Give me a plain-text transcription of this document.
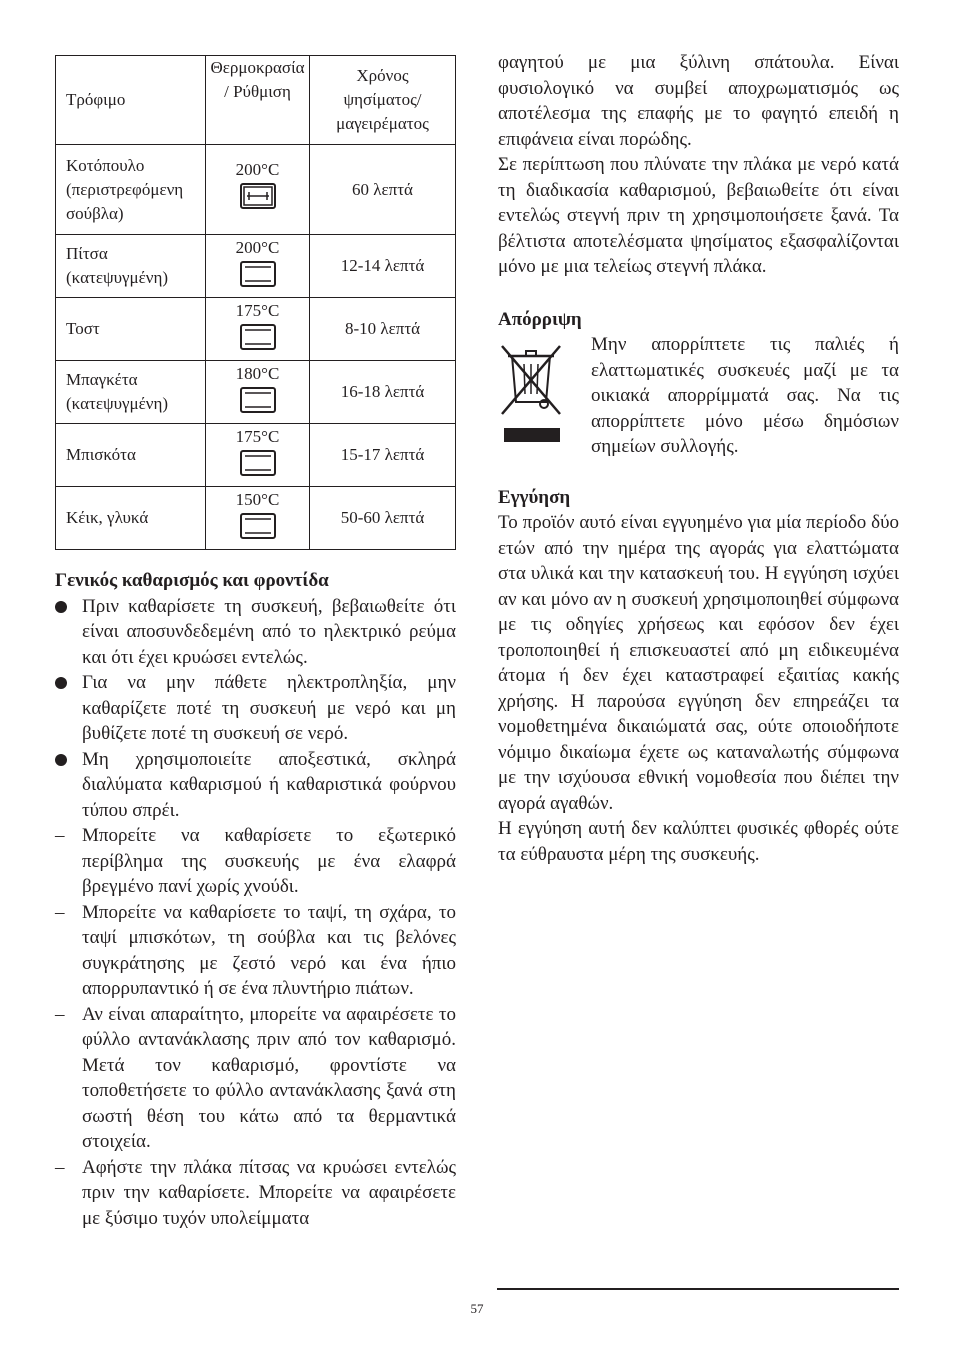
Τρόφιμο	Θερμοκρασία / Ρύθμιση	Χρόνος ψησίματος/ μαγειρέματος
Κοτόπουλο (περιστρεφόμενη σούβλα)	200°C	60 λεπτά
Πίτσα (κατεψυγμένη)	200°C	12-14 λεπτά
Τοστ	175°C	8-10 λεπτά
Μπαγκέτα (κατεψυγμένη)	180°C	16-18 λεπτά
Μπισκότα	175°C	15-17 λεπτά
Κέικ, γλυκά	150°C	50-60 λεπτά

Γενικός καθαρισμός και φροντίδα

Πριν καθαρίσετε τη συσκευή, βεβαιωθείτε ότι είναι αποσυνδεδεμένη από το ηλεκτρικό ρεύμα και ότι έχει κρυώσει εντελώς.
Για να μην πάθετε ηλεκτροπληξία, μην καθαρίζετε ποτέ τη συσκευή με νερό και μη βυθίζετε ποτέ τη συσκευή σε νερό.
Μη χρησιμοποιείτε αποξεστικά, σκληρά διαλύματα καθαρισμού ή καθαριστικά φούρνου τύπου σπρέι.
– Μπορείτε να καθαρίσετε το εξωτερικό περίβλημα της συσκευής με ένα ελαφρά βρεγμένο πανί χωρίς χνούδι.
– Μπορείτε να καθαρίσετε το ταψί, τη σχάρα, το ταψί μπισκότων, τη σούβλα και τις βελόνες συγκράτησης με ζεστό νερό και ένα ήπιο απορρυπαντικό ή σε ένα πλυντήριο πιάτων.
– Αν είναι απαραίτητο, μπορείτε να αφαιρέσετε το φύλλο αντανάκλασης πριν από τον καθαρισμό. Μετά τον καθαρισμό, φροντίστε να τοποθετήσετε το φύλλο αντανάκλασης ξανά στη σωστή θέση του κάτω από τα θερμαντικά στοιχεία.
– Αφήστε την πλάκα πίτσας να κρυώσει εντελώς πριν την καθαρίσετε. Μπορείτε να αφαιρέσετε με ξύσιμο τυχόν υπολείμματα

φαγητού με μια ξύλινη σπάτουλα. Είναι φυσιολογικό να συμβεί αποχρωματισμός ως αποτέλεσμα της επαφής με το φαγητό επειδή η επιφάνεια είναι πορώδης.

Σε περίπτωση που πλύνατε την πλάκα με νερό κατά τη διαδικασία καθαρισμού, βεβαιωθείτε ότι είναι εντελώς στεγνή πριν τη χρησιμοποιήσετε ξανά. Τα βέλτιστα αποτελέσματα ψησίματος εξασφαλίζονται μόνο με μια τελείως στεγνή πλάκα.

Απόρριψη

Μην απορρίπτετε τις παλιές ή ελαττωματικές συσκευές μαζί με τα οικιακά απορρίμματά σας. Να τις απορρίπτετε μόνο μέσω δημόσιων σημείων συλλογής.

Εγγύηση

Το προϊόν αυτό είναι εγγυημένο για μία περίοδο δύο ετών από την ημέρα της αγοράς για ελαττώματα στα υλικά και την κατασκευή του. Η εγγύηση ισχύει αν και μόνο αν η συσκευή χρησιμοποιηθεί σύμφωνα με τις οδηγίες χρήσεως και εφόσον δεν έχει τροποποιηθεί ή επισκευαστεί από μη ειδικευμένα άτομα ή δεν έχει καταστραφεί εξαιτίας κακής χρήσης. Η παρούσα εγγύηση δεν επηρεάζει τα νομοθετημένα δικαιώματά σας, ούτε οποιοδήποτε νόμιμο δικαίωμα έχετε ως καταναλωτής σύμφωνα με την ισχύουσα εθνική νομοθεσία που διέπει την αγορά αγαθών.

Η εγγύηση αυτή δεν καλύπτει φυσικές φθορές ούτε τα εύθραυστα μέρη της συσκευής.

57
